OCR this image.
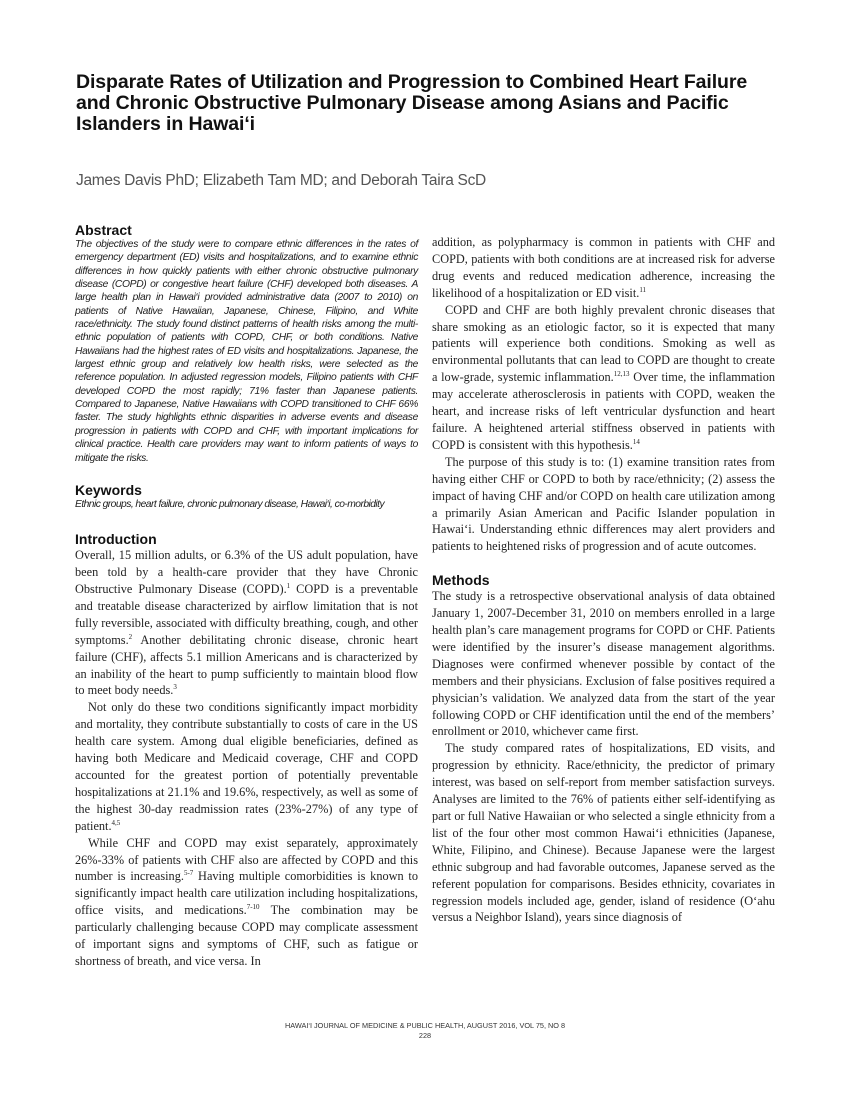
Disparate Rates of Utilization and Progression to Combined Heart Failure and Chronic Obstructive Pulmonary Disease among Asians and Pacific Islanders in Hawai‘i
James Davis PhD; Elizabeth Tam MD; and Deborah Taira ScD
Abstract

The objectives of the study were to compare ethnic differences in the rates of emergency department (ED) visits and hospitalizations, and to examine ethnic differences in how quickly patients with either chronic obstructive pulmonary disease (COPD) or congestive heart failure (CHF) developed both diseases. A large health plan in Hawai‘i provided administrative data (2007 to 2010) on patients of Native Hawaiian, Japanese, Chinese, Filipino, and White race/ethnicity. The study found distinct patterns of health risks among the multi-ethnic population of patients with COPD, CHF, or both conditions. Native Hawaiians had the highest rates of ED visits and hospitalizations. Japanese, the largest ethnic group and relatively low health risks, were selected as the reference population. In adjusted regression models, Filipino patients with CHF developed COPD the most rapidly; 71% faster than Japanese patients. Compared to Japanese, Native Hawaiians with COPD transitioned to CHF 66% faster. The study highlights ethnic disparities in adverse events and disease progression in patients with COPD and CHF, with important implications for clinical practice. Health care providers may want to inform patients of ways to mitigate the risks.

Keywords

Ethnic groups, heart failure, chronic pulmonary disease, Hawai‘i, co-morbidity

Introduction

Overall, 15 million adults, or 6.3% of the US adult population, have been told by a health-care provider that they have Chronic Obstructive Pulmonary Disease (COPD).$^1$ COPD is a preventable and treatable disease characterized by airflow limitation that is not fully reversible, associated with difficulty breathing, cough, and other symptoms.$^2$ Another debilitating chronic disease, chronic heart failure (CHF), affects 5.1 million Americans and is characterized by an inability of the heart to pump sufficiently to maintain blood flow to meet body needs.$^3$

Not only do these two conditions significantly impact morbidity and mortality, they contribute substantially to costs of care in the US health care system. Among dual eligible beneficiaries, defined as having both Medicare and Medicaid coverage, CHF and COPD accounted for the greatest portion of potentially preventable hospitalizations at 21.1% and 19.6%, respectively, as well as some of the highest 30-day readmission rates (23%-27%) of any type of patient.$^{4,5}$

While CHF and COPD may exist separately, approximately 26%-33% of patients with CHF also are affected by COPD and this number is increasing.$^{5-7}$ Having multiple comorbidities is known to significantly impact health care utilization including hospitalizations, office visits, and medications.$^{7-10}$ The combination may be particularly challenging because COPD may complicate assessment of important signs and symptoms of CHF, such as fatigue or shortness of breath, and vice versa. In

addition, as polypharmacy is common in patients with CHF and COPD, patients with both conditions are at increased risk for adverse drug events and reduced medication adherence, increasing the likelihood of a hospitalization or ED visit.$^{11}$

COPD and CHF are both highly prevalent chronic diseases that share smoking as an etiologic factor, so it is expected that many patients will experience both conditions. Smoking as well as environmental pollutants that can lead to COPD are thought to create a low-grade, systemic inflammation.$^{12,13}$ Over time, the inflammation may accelerate atherosclerosis in patients with COPD, weaken the heart, and increase risks of left ventricular dysfunction and heart failure. A heightened arterial stiffness observed in patients with COPD is consistent with this hypothesis.$^{14}$

The purpose of this study is to: (1) examine transition rates from having either CHF or COPD to both by race/ethnicity; (2) assess the impact of having CHF and/or COPD on health care utilization among a primarily Asian American and Pacific Islander population in Hawai‘i. Understanding ethnic differences may alert providers and patients to heightened risks of progression and of acute outcomes.

Methods

The study is a retrospective observational analysis of data obtained January 1, 2007-December 31, 2010 on members enrolled in a large health plan’s care management programs for COPD or CHF. Patients were identified by the insurer’s disease management algorithms. Diagnoses were confirmed whenever possible by contact of the members and their physicians. Exclusion of false positives required a physician’s validation. We analyzed data from the start of the year following COPD or CHF identification until the end of the members’ enrollment or 2010, whichever came first.

The study compared rates of hospitalizations, ED visits, and progression by ethnicity. Race/ethnicity, the predictor of primary interest, was based on self-report from member satisfaction surveys. Analyses are limited to the 76% of patients either self-identifying as part or full Native Hawaiian or who selected a single ethnicity from a list of the four other most common Hawai‘i ethnicities (Japanese, White, Filipino, and Chinese). Because Japanese were the largest ethnic subgroup and had favorable outcomes, Japanese served as the referent population for comparisons. Besides ethnicity, covariates in regression models included age, gender, island of residence (O‘ahu versus a Neighbor Island), years since diagnosis of

HAWAI‘I JOURNAL OF MEDICINE & PUBLIC HEALTH, AUGUST 2016, VOL 75, NO 8
228
